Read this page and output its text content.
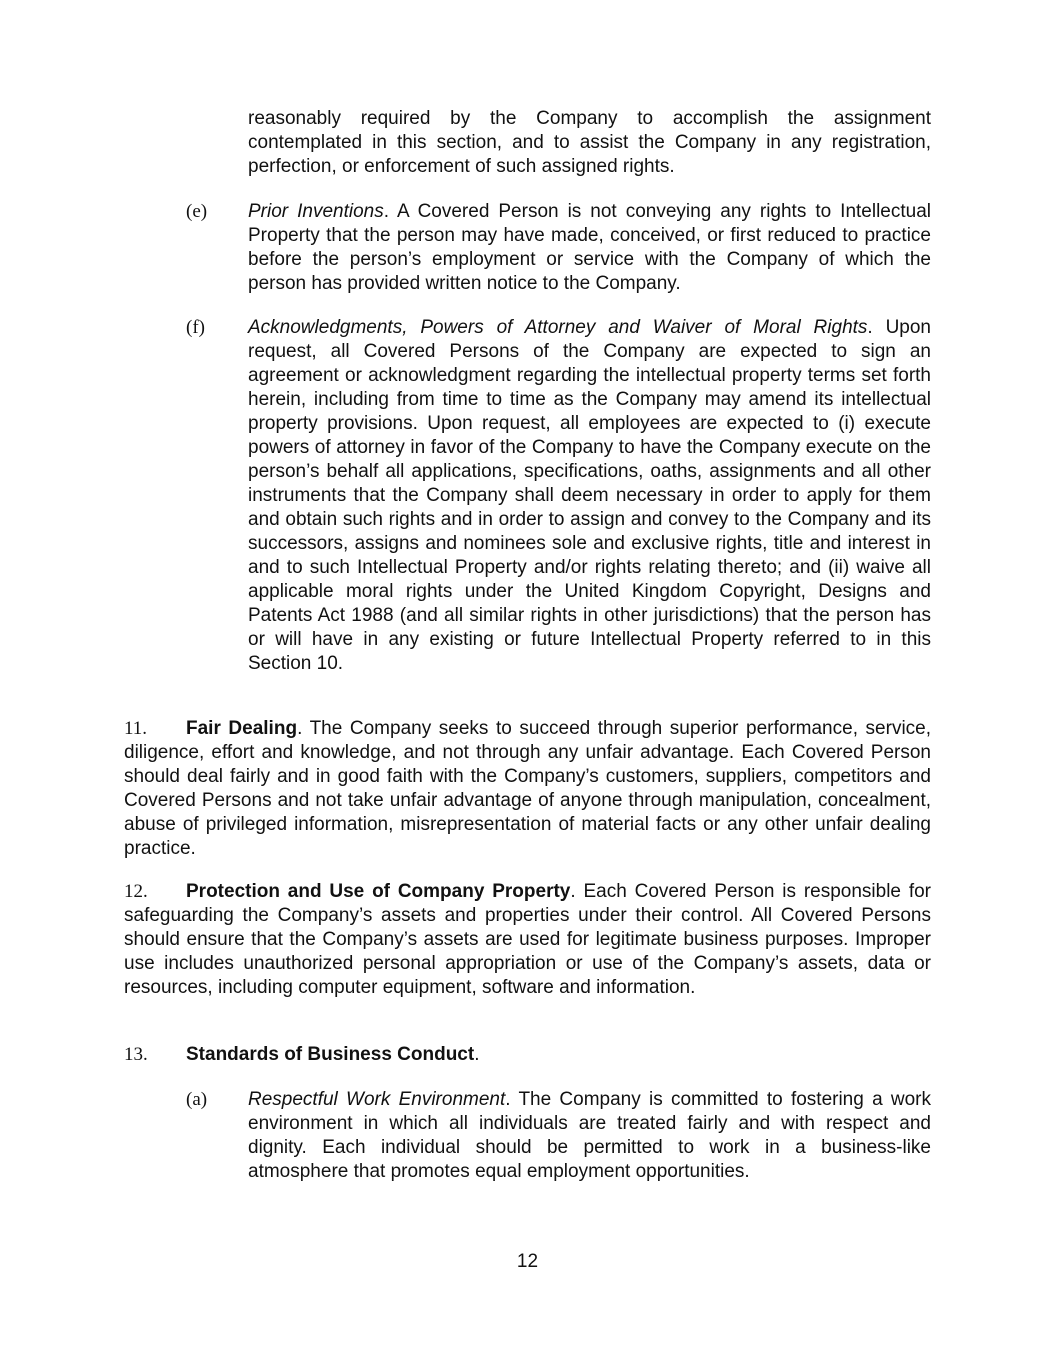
reasonably required by the Company to accomplish the assignment contemplated in this section, and to assist the Company in any registration, perfection, or enforcement of such assigned rights.

(e) Prior Inventions. A Covered Person is not conveying any rights to Intellectual Property that the person may have made, conceived, or first reduced to practice before the person’s employment or service with the Company of which the person has provided written notice to the Company.

(f) Acknowledgments, Powers of Attorney and Waiver of Moral Rights. Upon request, all Covered Persons of the Company are expected to sign an agreement or acknowledgment regarding the intellectual property terms set forth herein, including from time to time as the Company may amend its intellectual property provisions. Upon request, all employees are expected to (i) execute powers of attorney in favor of the Company to have the Company execute on the person’s behalf all applications, specifications, oaths, assignments and all other instruments that the Company shall deem necessary in order to apply for them and obtain such rights and in order to assign and convey to the Company and its successors, assigns and nominees sole and exclusive rights, title and interest in and to such Intellectual Property and/or rights relating thereto; and (ii) waive all applicable moral rights under the United Kingdom Copyright, Designs and Patents Act 1988 (and all similar rights in other jurisdictions) that the person has or will have in any existing or future Intellectual Property referred to in this Section 10.

11.	Fair Dealing. The Company seeks to succeed through superior performance, service, diligence, effort and knowledge, and not through any unfair advantage. Each Covered Person should deal fairly and in good faith with the Company’s customers, suppliers, competitors and Covered Persons and not take unfair advantage of anyone through manipulation, concealment, abuse of privileged information, misrepresentation of material facts or any other unfair dealing practice.

12.	Protection and Use of Company Property. Each Covered Person is responsible for safeguarding the Company’s assets and properties under their control. All Covered Persons should ensure that the Company’s assets are used for legitimate business purposes. Improper use includes unauthorized personal appropriation or use of the Company’s assets, data or resources, including computer equipment, software and information.

13.	Standards of Business Conduct.

(a) Respectful Work Environment. The Company is committed to fostering a work environment in which all individuals are treated fairly and with respect and dignity. Each individual should be permitted to work in a business-like atmosphere that promotes equal employment opportunities.

12
